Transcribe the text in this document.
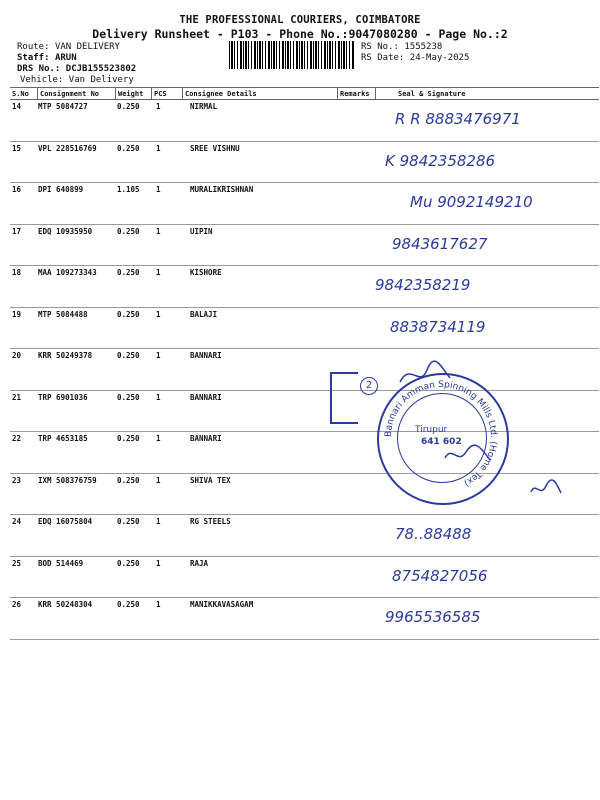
THE PROFESSIONAL COURIERS, COIMBATORE
Delivery Runsheet - P103 - Phone No.:9047080280 - Page No.:2
Route: VAN DELIVERY
Staff: ARUN
DRS No.: DCJB155523802
Vehicle: Van Delivery
RS No.: 1555238
RS Date: 24-May-2025
S.No Consignment No	Weight PCS	Consignee Details	Remarks	Seal & Signature
14 MTP 5084727	0.250 1	NIRMAL
R R 8883476971
15 VPL 228516769	0.250 1	SREE VISHNU
K 9842358286
16 DPI 640899	1.105 1	MURALIKRISHNAN
Mu 9092149210
17 EDQ 10935950	0.250 1	UIPIN
9843617627
18 MAA 109273343	0.250 1	KISHORE
9842358219
19 MTP 5084488	0.250 1	BALAJI
8838734119
20 KRR 50249378	0.250 1	BANNARI
21 TRP 6901036	0.250 1	BANNARI
22 TRP 4653185	0.250 1	BANNARI
23 IXM 508376759	0.250 1	SHIVA TEX
24 EDQ 16075804	0.250 1	RG STEELS
78..88488
25 BOD 514469	0.250 1	RAJA
8754827056
26 KRR 50248304	0.250 1	MANIKKAVASAGAM
9965536585
Bannari Amman Spinning Mills Ltd. (Home Tex)
Tirupur
641 602
2
